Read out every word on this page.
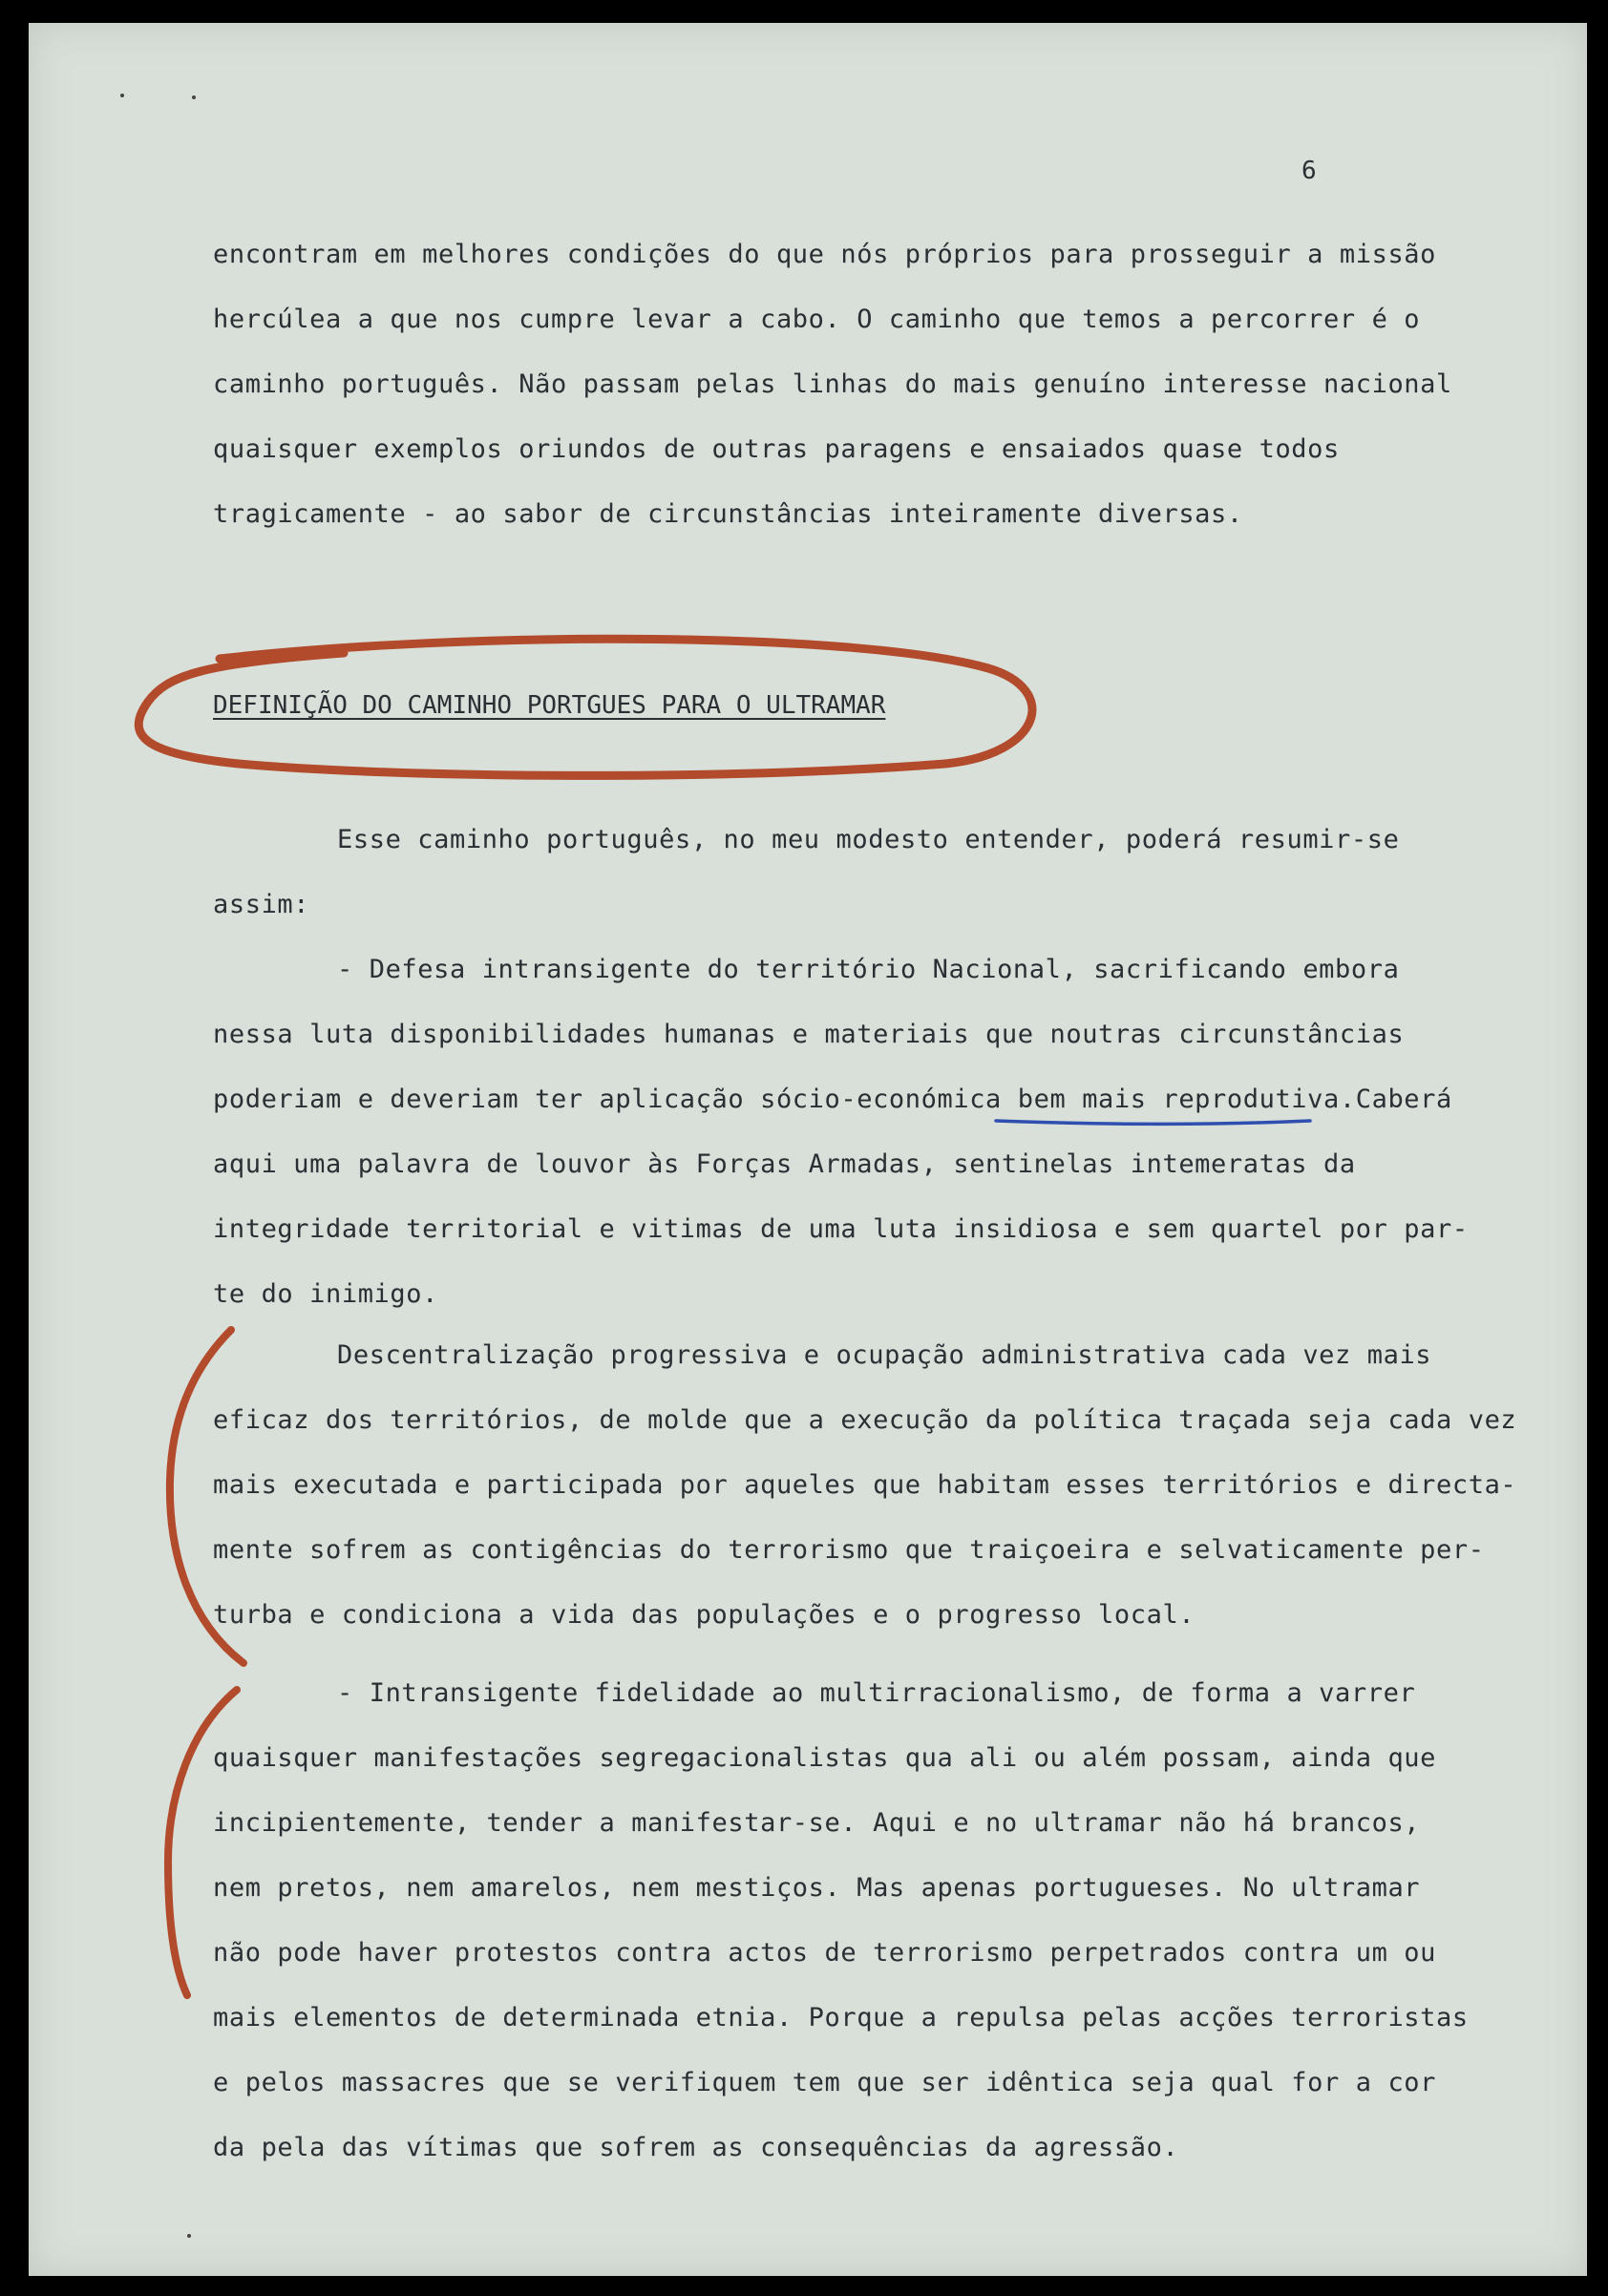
6
encontram em melhores condições do que nós próprios para prosseguir a missão
hercúlea a que nos cumpre levar a cabo. O caminho que temos a percorrer é o
caminho português. Não passam pelas linhas do mais genuíno interesse nacional
quaisquer exemplos oriundos de outras paragens e ensaiados quase todos
tragicamente - ao sabor de circunstâncias inteiramente diversas.
DEFINIÇÃO DO CAMINHO PORTGUES PARA O ULTRAMAR
Esse caminho português, no meu modesto entender, poderá resumir-se
assim:
- Defesa intransigente do território Nacional, sacrificando embora
nessa luta disponibilidades humanas e materiais que noutras circunstâncias
poderiam e deveriam ter aplicação sócio-económica bem mais reprodutiva.Caberá
aqui uma palavra de louvor às Forças Armadas, sentinelas intemeratas da
integridade territorial e vitimas de uma luta insidiosa e sem quartel por par-
te do inimigo.
Descentralização progressiva e ocupação administrativa cada vez mais
eficaz dos territórios, de molde que a execução da política traçada seja cada vez
mais executada e participada por aqueles que habitam esses territórios e directa-
mente sofrem as contigências do terrorismo que traiçoeira e selvaticamente per-
turba e condiciona a vida das populações e o progresso local.
- Intransigente fidelidade ao multirracionalismo, de forma a varrer
quaisquer manifestações segregacionalistas qua ali ou além possam, ainda que
incipientemente, tender a manifestar-se. Aqui e no ultramar não há brancos,
nem pretos, nem amarelos, nem mestiços. Mas apenas portugueses. No ultramar
não pode haver protestos contra actos de terrorismo perpetrados contra um ou
mais elementos de determinada etnia. Porque a repulsa pelas acções terroristas
e pelos massacres que se verifiquem tem que ser idêntica seja qual for a cor
da pela das vítimas que sofrem as consequências da agressão.
